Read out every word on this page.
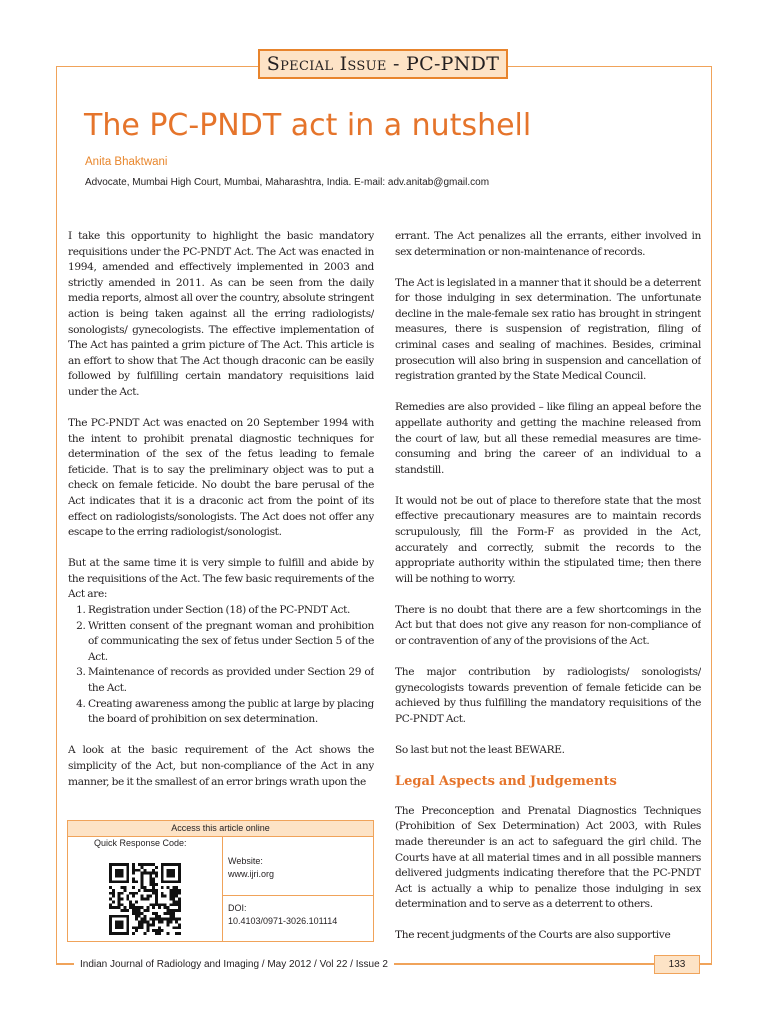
Special Issue - PC-PNDT
The PC-PNDT act in a nutshell
Anita Bhaktwani
Advocate, Mumbai High Court, Mumbai, Maharashtra, India. E-mail: adv.anitab@gmail.com

I take this opportunity to highlight the basic mandatory requisitions under the PC-PNDT Act. The Act was enacted in 1994, amended and effectively implemented in 2003 and strictly amended in 2011. As can be seen from the daily media reports, almost all over the country, absolute stringent action is being taken against all the erring radiologists/ sonologists/ gynecologists. The effective implementation of The Act has painted a grim picture of The Act. This article is an effort to show that The Act though draconic can be easily followed by fulfilling certain mandatory requisitions laid under the Act.

The PC-PNDT Act was enacted on 20 September 1994 with the intent to prohibit prenatal diagnostic techniques for determination of the sex of the fetus leading to female feticide. That is to say the preliminary object was to put a check on female feticide. No doubt the bare perusal of the Act indicates that it is a draconic act from the point of its effect on radiologists/sonologists. The Act does not offer any escape to the erring radiologist/sonologist.

But at the same time it is very simple to fulfill and abide by the requisitions of the Act. The few basic requirements of the Act are:

1. Registration under Section (18) of the PC-PNDT Act.
2. Written consent of the pregnant woman and prohibition of communicating the sex of fetus under Section 5 of the Act.
3. Maintenance of records as provided under Section 29 of the Act.
4. Creating awareness among the public at large by placing the board of prohibition on sex determination.

A look at the basic requirement of the Act shows the simplicity of the Act, but non-compliance of the Act in any manner, be it the smallest of an error brings wrath upon the

errant. The Act penalizes all the errants, either involved in sex determination or non-maintenance of records.

The Act is legislated in a manner that it should be a deterrent for those indulging in sex determination. The unfortunate decline in the male-female sex ratio has brought in stringent measures, there is suspension of registration, filing of criminal cases and sealing of machines. Besides, criminal prosecution will also bring in suspension and cancellation of registration granted by the State Medical Council.

Remedies are also provided – like filing an appeal before the appellate authority and getting the machine released from the court of law, but all these remedial measures are time-consuming and bring the career of an individual to a standstill.

It would not be out of place to therefore state that the most effective precautionary measures are to maintain records scrupulously, fill the Form-F as provided in the Act, accurately and correctly, submit the records to the appropriate authority within the stipulated time; then there will be nothing to worry.

There is no doubt that there are a few shortcomings in the Act but that does not give any reason for non-compliance of or contravention of any of the provisions of the Act.

The major contribution by radiologists/ sonologists/ gynecologists towards prevention of female feticide can be achieved by thus fulfilling the mandatory requisitions of the PC-PNDT Act.

So last but not the least BEWARE.

Legal Aspects and Judgements

The Preconception and Prenatal Diagnostics Techniques (Prohibition of Sex Determination) Act 2003, with Rules made thereunder is an act to safeguard the girl child. The Courts have at all material times and in all possible manners delivered judgments indicating therefore that the PC-PNDT Act is actually a whip to penalize those indulging in sex determination and to serve as a deterrent to others.

The recent judgments of the Courts are also supportive

Access this article online
Quick Response Code:
Website:
www.ijri.org
DOI:
10.4103/0971-3026.101114
Indian Journal of Radiology and Imaging / May 2012 / Vol 22 / Issue 2	133
